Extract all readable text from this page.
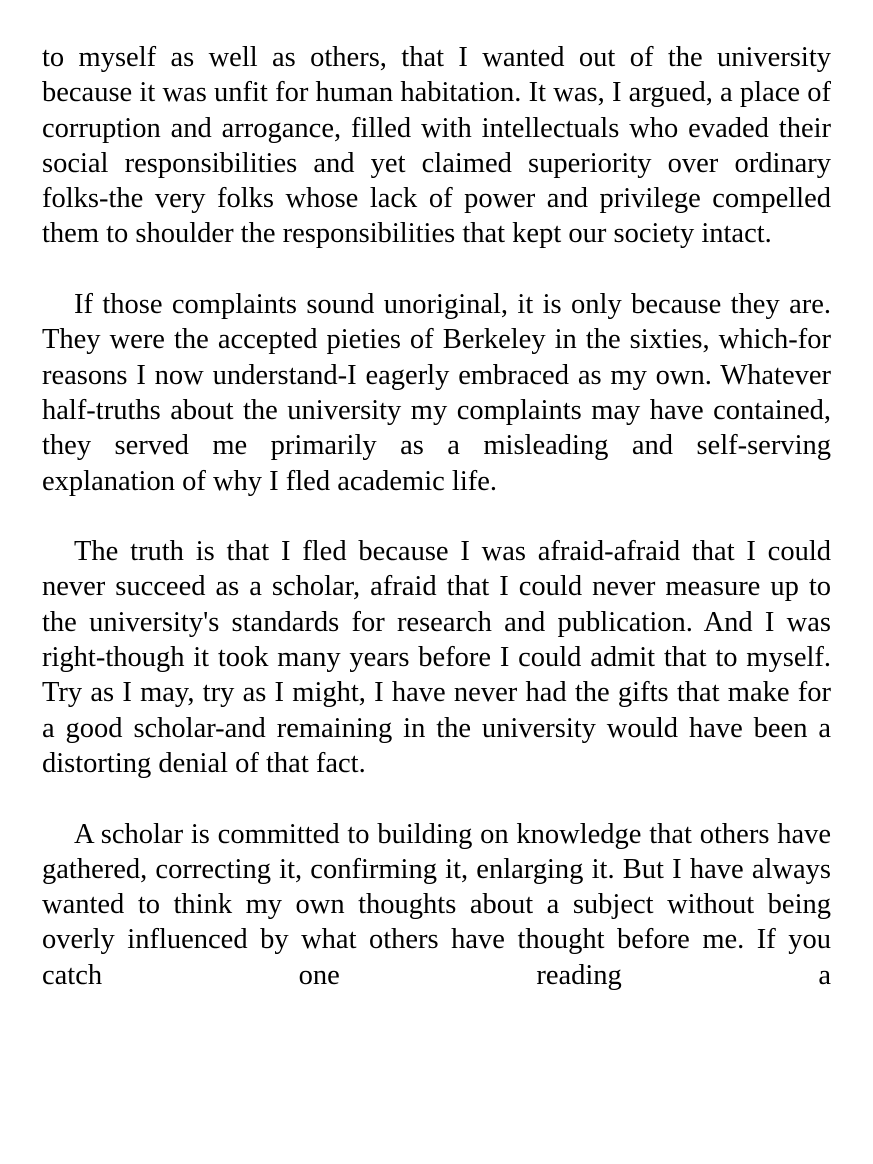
to myself as well as others, that I wanted out of the university because it was unfit for human habitation. It was, I argued, a place of corruption and arrogance, filled with intellectuals who evaded their social responsibilities and yet claimed superiority over ordinary folks-the very folks whose lack of power and privilege compelled them to shoulder the responsibilities that kept our society intact.

If those complaints sound unoriginal, it is only because they are. They were the accepted pieties of Berkeley in the sixties, which-for reasons I now understand-I eagerly embraced as my own. Whatever half-truths about the university my complaints may have contained, they served me primarily as a misleading and self-serving explanation of why I fled academic life.

The truth is that I fled because I was afraid-afraid that I could never succeed as a scholar, afraid that I could never measure up to the university's standards for research and publication. And I was right-though it took many years before I could admit that to myself. Try as I may, try as I might, I have never had the gifts that make for a good scholar-and remaining in the university would have been a distorting denial of that fact.

A scholar is committed to building on knowledge that others have gathered, correcting it, confirming it, enlarging it. But I have always wanted to think my own thoughts about a subject without being overly influenced by what others have thought before me. If you catch one reading a
